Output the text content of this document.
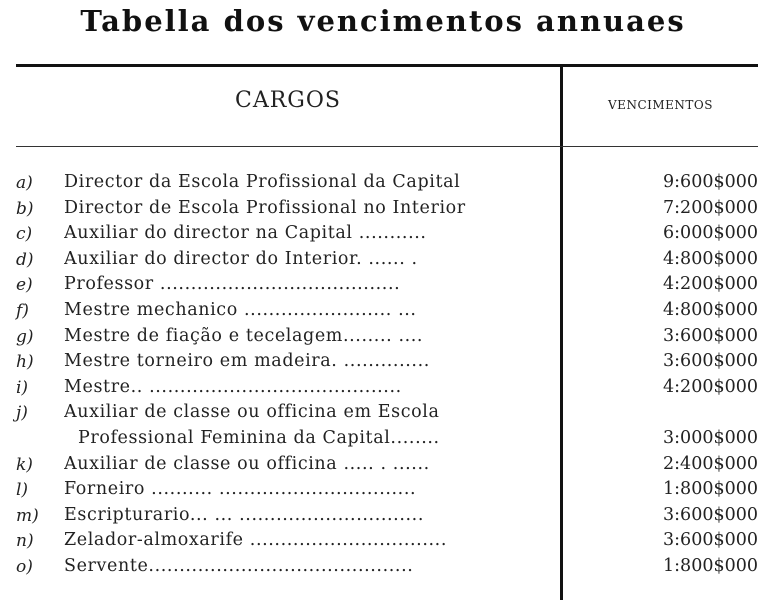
Tabella dos vencimentos annuaes
CARGOS	VENCIMENTOS
a) Director da Escola Profissional da Capital	9:600$000
b) Director de Escola Profissional no Interior	7:200$000
c) Auxiliar do director na Capital ...........	6:000$000
d) Auxiliar do director do Interior. ...... .	4:800$000
e) Professor .......................................	4:200$000
f) Mestre mechanico ........................ ...	4:800$000
g) Mestre de fiação e tecelagem........ ....	3:600$000
h) Mestre torneiro em madeira. ..............	3:600$000
i) Mestre.. .........................................	4:200$000
j) Auxiliar de classe ou officina em Escola
Professional Feminina da Capital........	3:000$000
k) Auxiliar de classe ou officina ..... . ......	2:400$000
l) Forneiro .......... ................................	1:800$000
m) Escripturario... ... ..............................	3:600$000
n) Zelador-almoxarife ................................	3:600$000
o) Servente...........................................	1:800$000
